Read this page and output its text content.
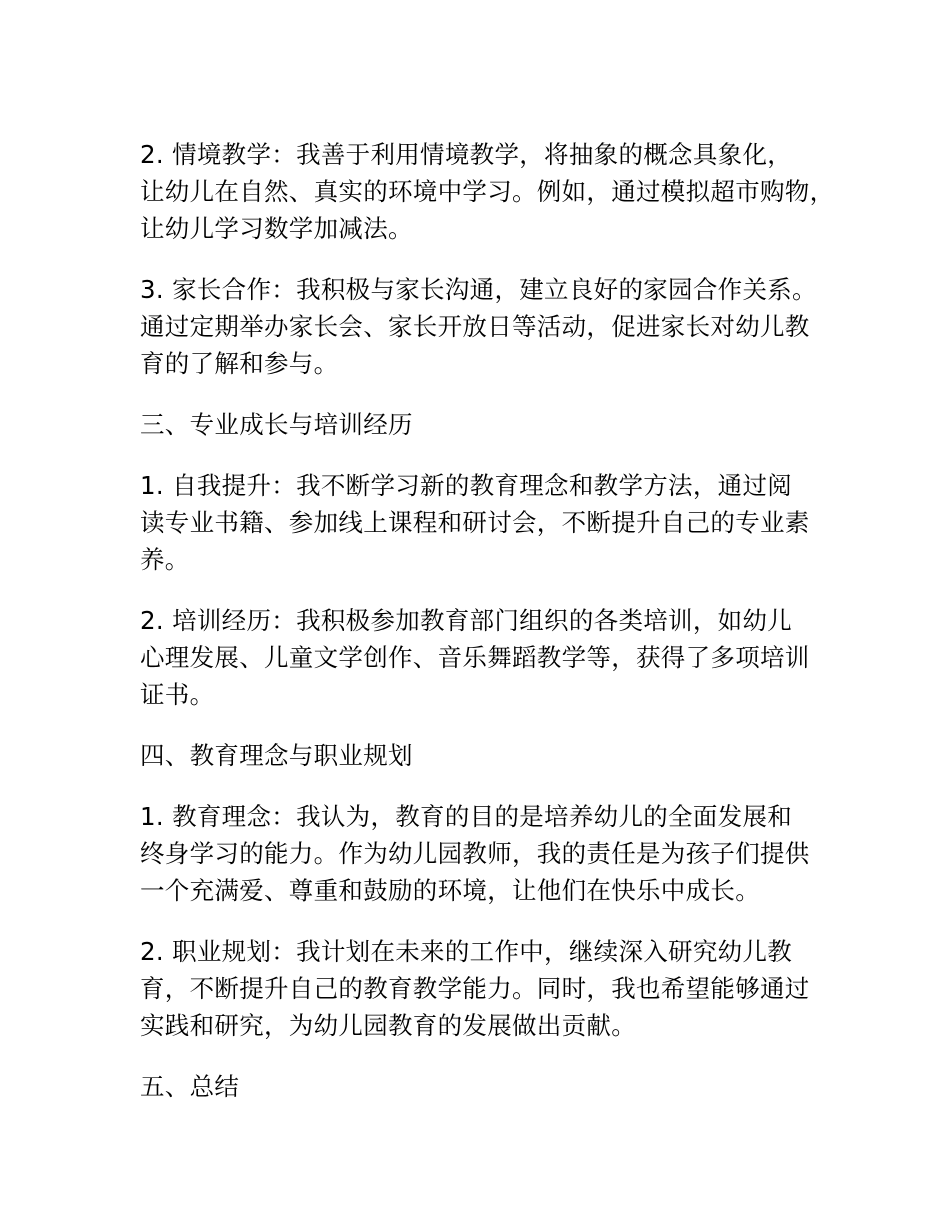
2. 情境教学：我善于利用情境教学，将抽象的概念具象化，
让幼儿在自然、真实的环境中学习。例如，通过模拟超市购物，
让幼儿学习数学加减法。

3. 家长合作：我积极与家长沟通，建立良好的家园合作关系。
通过定期举办家长会、家长开放日等活动，促进家长对幼儿教
育的了解和参与。

三、专业成长与培训经历

1. 自我提升：我不断学习新的教育理念和教学方法，通过阅
读专业书籍、参加线上课程和研讨会，不断提升自己的专业素
养。

2. 培训经历：我积极参加教育部门组织的各类培训，如幼儿
心理发展、儿童文学创作、音乐舞蹈教学等，获得了多项培训
证书。

四、教育理念与职业规划

1. 教育理念：我认为，教育的目的是培养幼儿的全面发展和
终身学习的能力。作为幼儿园教师，我的责任是为孩子们提供
一个充满爱、尊重和鼓励的环境，让他们在快乐中成长。

2. 职业规划：我计划在未来的工作中，继续深入研究幼儿教
育，不断提升自己的教育教学能力。同时，我也希望能够通过
实践和研究，为幼儿园教育的发展做出贡献。

五、总结
